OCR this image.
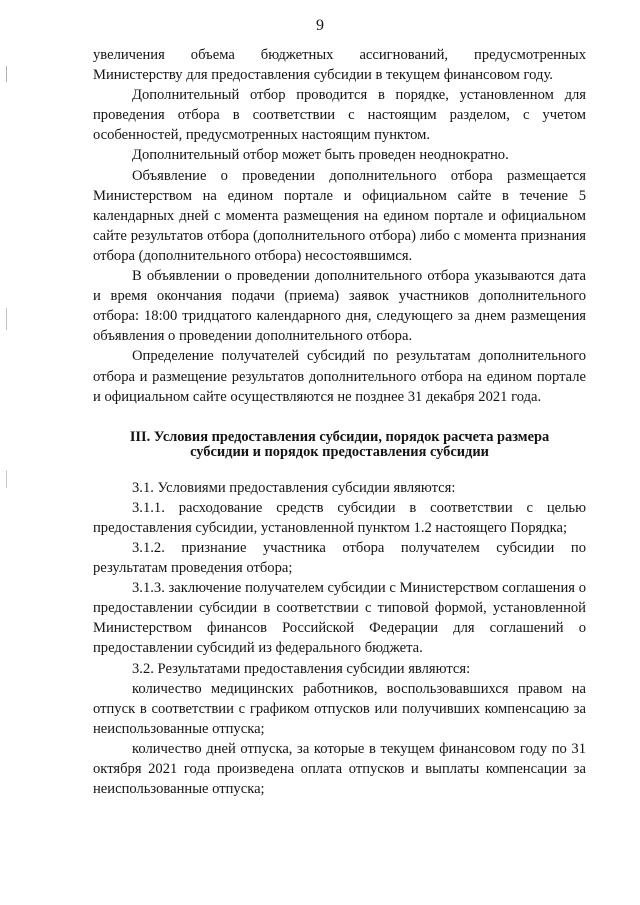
9

увеличения объема бюджетных ассигнований, предусмотренных Министерству для предоставления субсидии в текущем финансовом году.

Дополнительный отбор проводится в порядке, установленном для проведения отбора в соответствии с настоящим разделом, с учетом особенностей, предусмотренных настоящим пунктом.

Дополнительный отбор может быть проведен неоднократно.

Объявление о проведении дополнительного отбора размещается Министерством на едином портале и официальном сайте в течение 5 календарных дней с момента размещения на едином портале и официальном сайте результатов отбора (дополнительного отбора) либо с момента признания отбора (дополнительного отбора) несостоявшимся.

В объявлении о проведении дополнительного отбора указываются дата и время окончания подачи (приема) заявок участников дополнительного отбора: 18:00 тридцатого календарного дня, следующего за днем размещения объявления о проведении дополнительного отбора.

Определение получателей субсидий по результатам дополнительного отбора и размещение результатов дополнительного отбора на едином портале и официальном сайте осуществляются не позднее 31 декабря 2021 года.

III. Условия предоставления субсидии, порядок расчета размера
субсидии и порядок предоставления субсидии

3.1. Условиями предоставления субсидии являются:

3.1.1. расходование средств субсидии в соответствии с целью предоставления субсидии, установленной пунктом 1.2 настоящего Порядка;

3.1.2. признание участника отбора получателем субсидии по результатам проведения отбора;

3.1.3. заключение получателем субсидии с Министерством соглашения о предоставлении субсидии в соответствии с типовой формой, установленной Министерством финансов Российской Федерации для соглашений о предоставлении субсидий из федерального бюджета.

3.2. Результатами предоставления субсидии являются:

количество медицинских работников, воспользовавшихся правом на отпуск в соответствии с графиком отпусков или получивших компенсацию за неиспользованные отпуска;

количество дней отпуска, за которые в текущем финансовом году по 31 октября 2021 года произведена оплата отпусков и выплаты компенсации за неиспользованные отпуска;
